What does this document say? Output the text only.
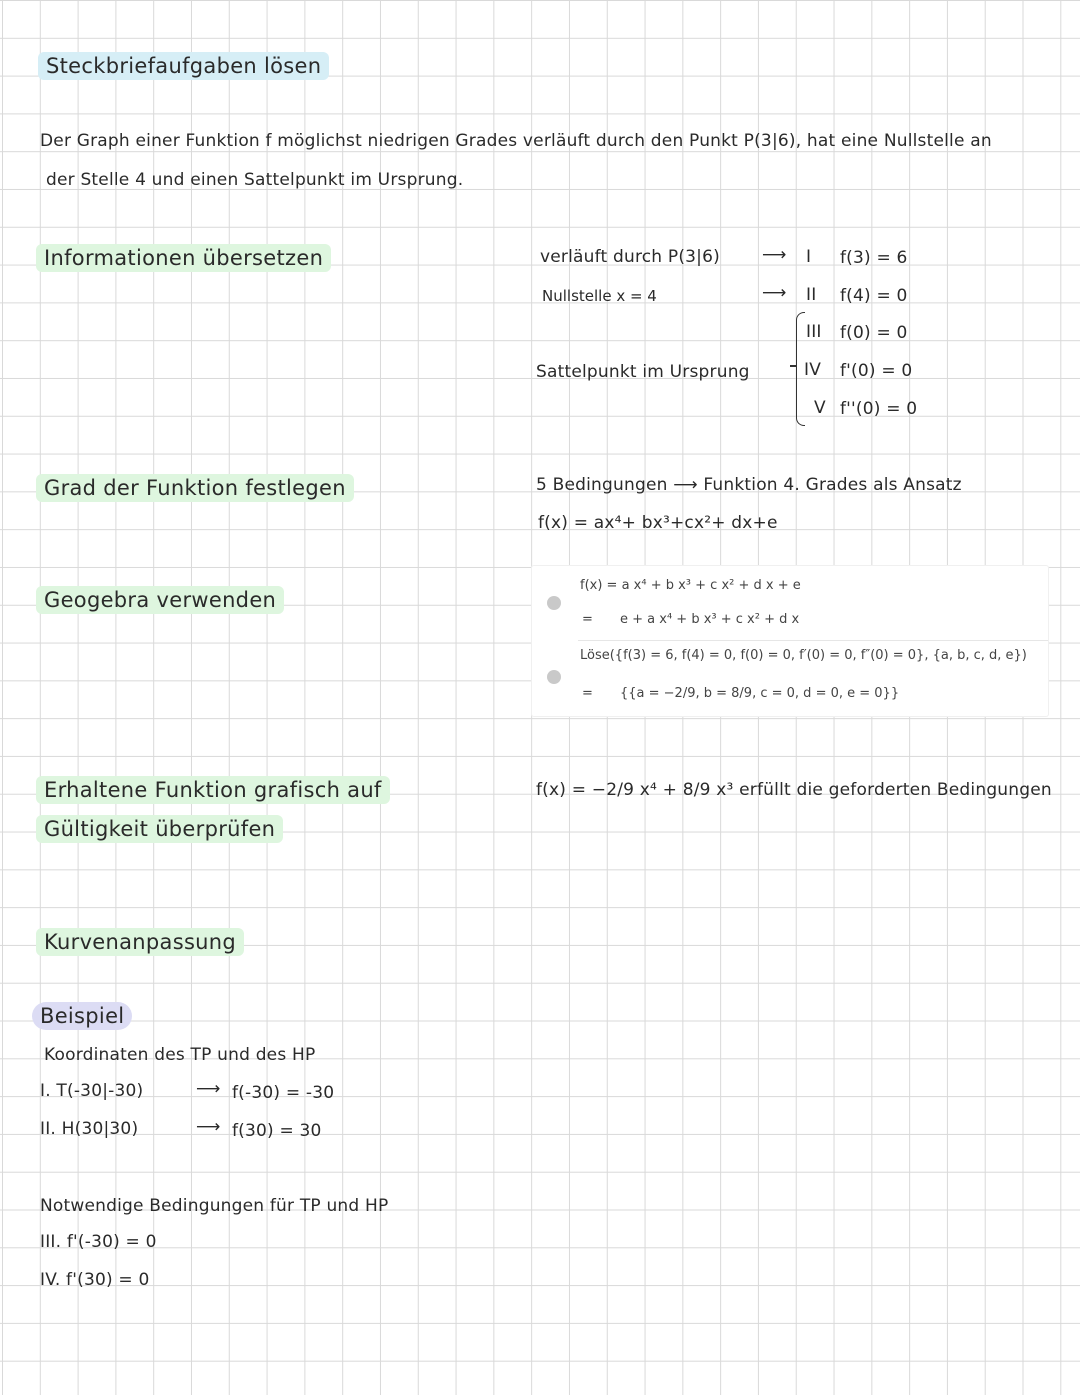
Steckbriefaufgaben lösen
Der Graph einer Funktion f möglichst niedrigen Grades verläuft durch den Punkt P(3|6), hat eine Nullstelle an
der Stelle 4 und einen Sattelpunkt im Ursprung.
Informationen übersetzen
Grad der Funktion festlegen
Geogebra verwenden
Erhaltene Funktion grafisch auf
Gültigkeit überprüfen
Kurvenanpassung
Beispiel
verläuft durch P(3|6) ⟶ I f(3) = 6
Nullstelle x = 4	⟶ II f(4) = 0
III f(0) = 0
Sattelpunkt im Ursprung	IV f'(0) = 0
V f''(0) = 0
5 Bedingungen ⟶ Funktion 4. Grades als Ansatz
f(x) = ax⁴+ bx³+cx²+ dx+e
f(x) = a x⁴ + b x³ + c x² + d x + e
= e + a x⁴ + b x³ + c x² + d x
Löse({f(3) = 6, f(4) = 0, f(0) = 0, f′(0) = 0, f″(0) = 0}, {a, b, c, d, e})
= {{a = −2/9, b = 8/9, c = 0, d = 0, e = 0}}
f(x) = −2/9 x⁴ + 8/9 x³ erfüllt die geforderten Bedingungen
Koordinaten des TP und des HP
I. T(-30|-30)	⟶ f(-30) = -30
II. H(30|30)	⟶ f(30) = 30
Notwendige Bedingungen für TP und HP
III. f'(-30) = 0
IV. f'(30) = 0
